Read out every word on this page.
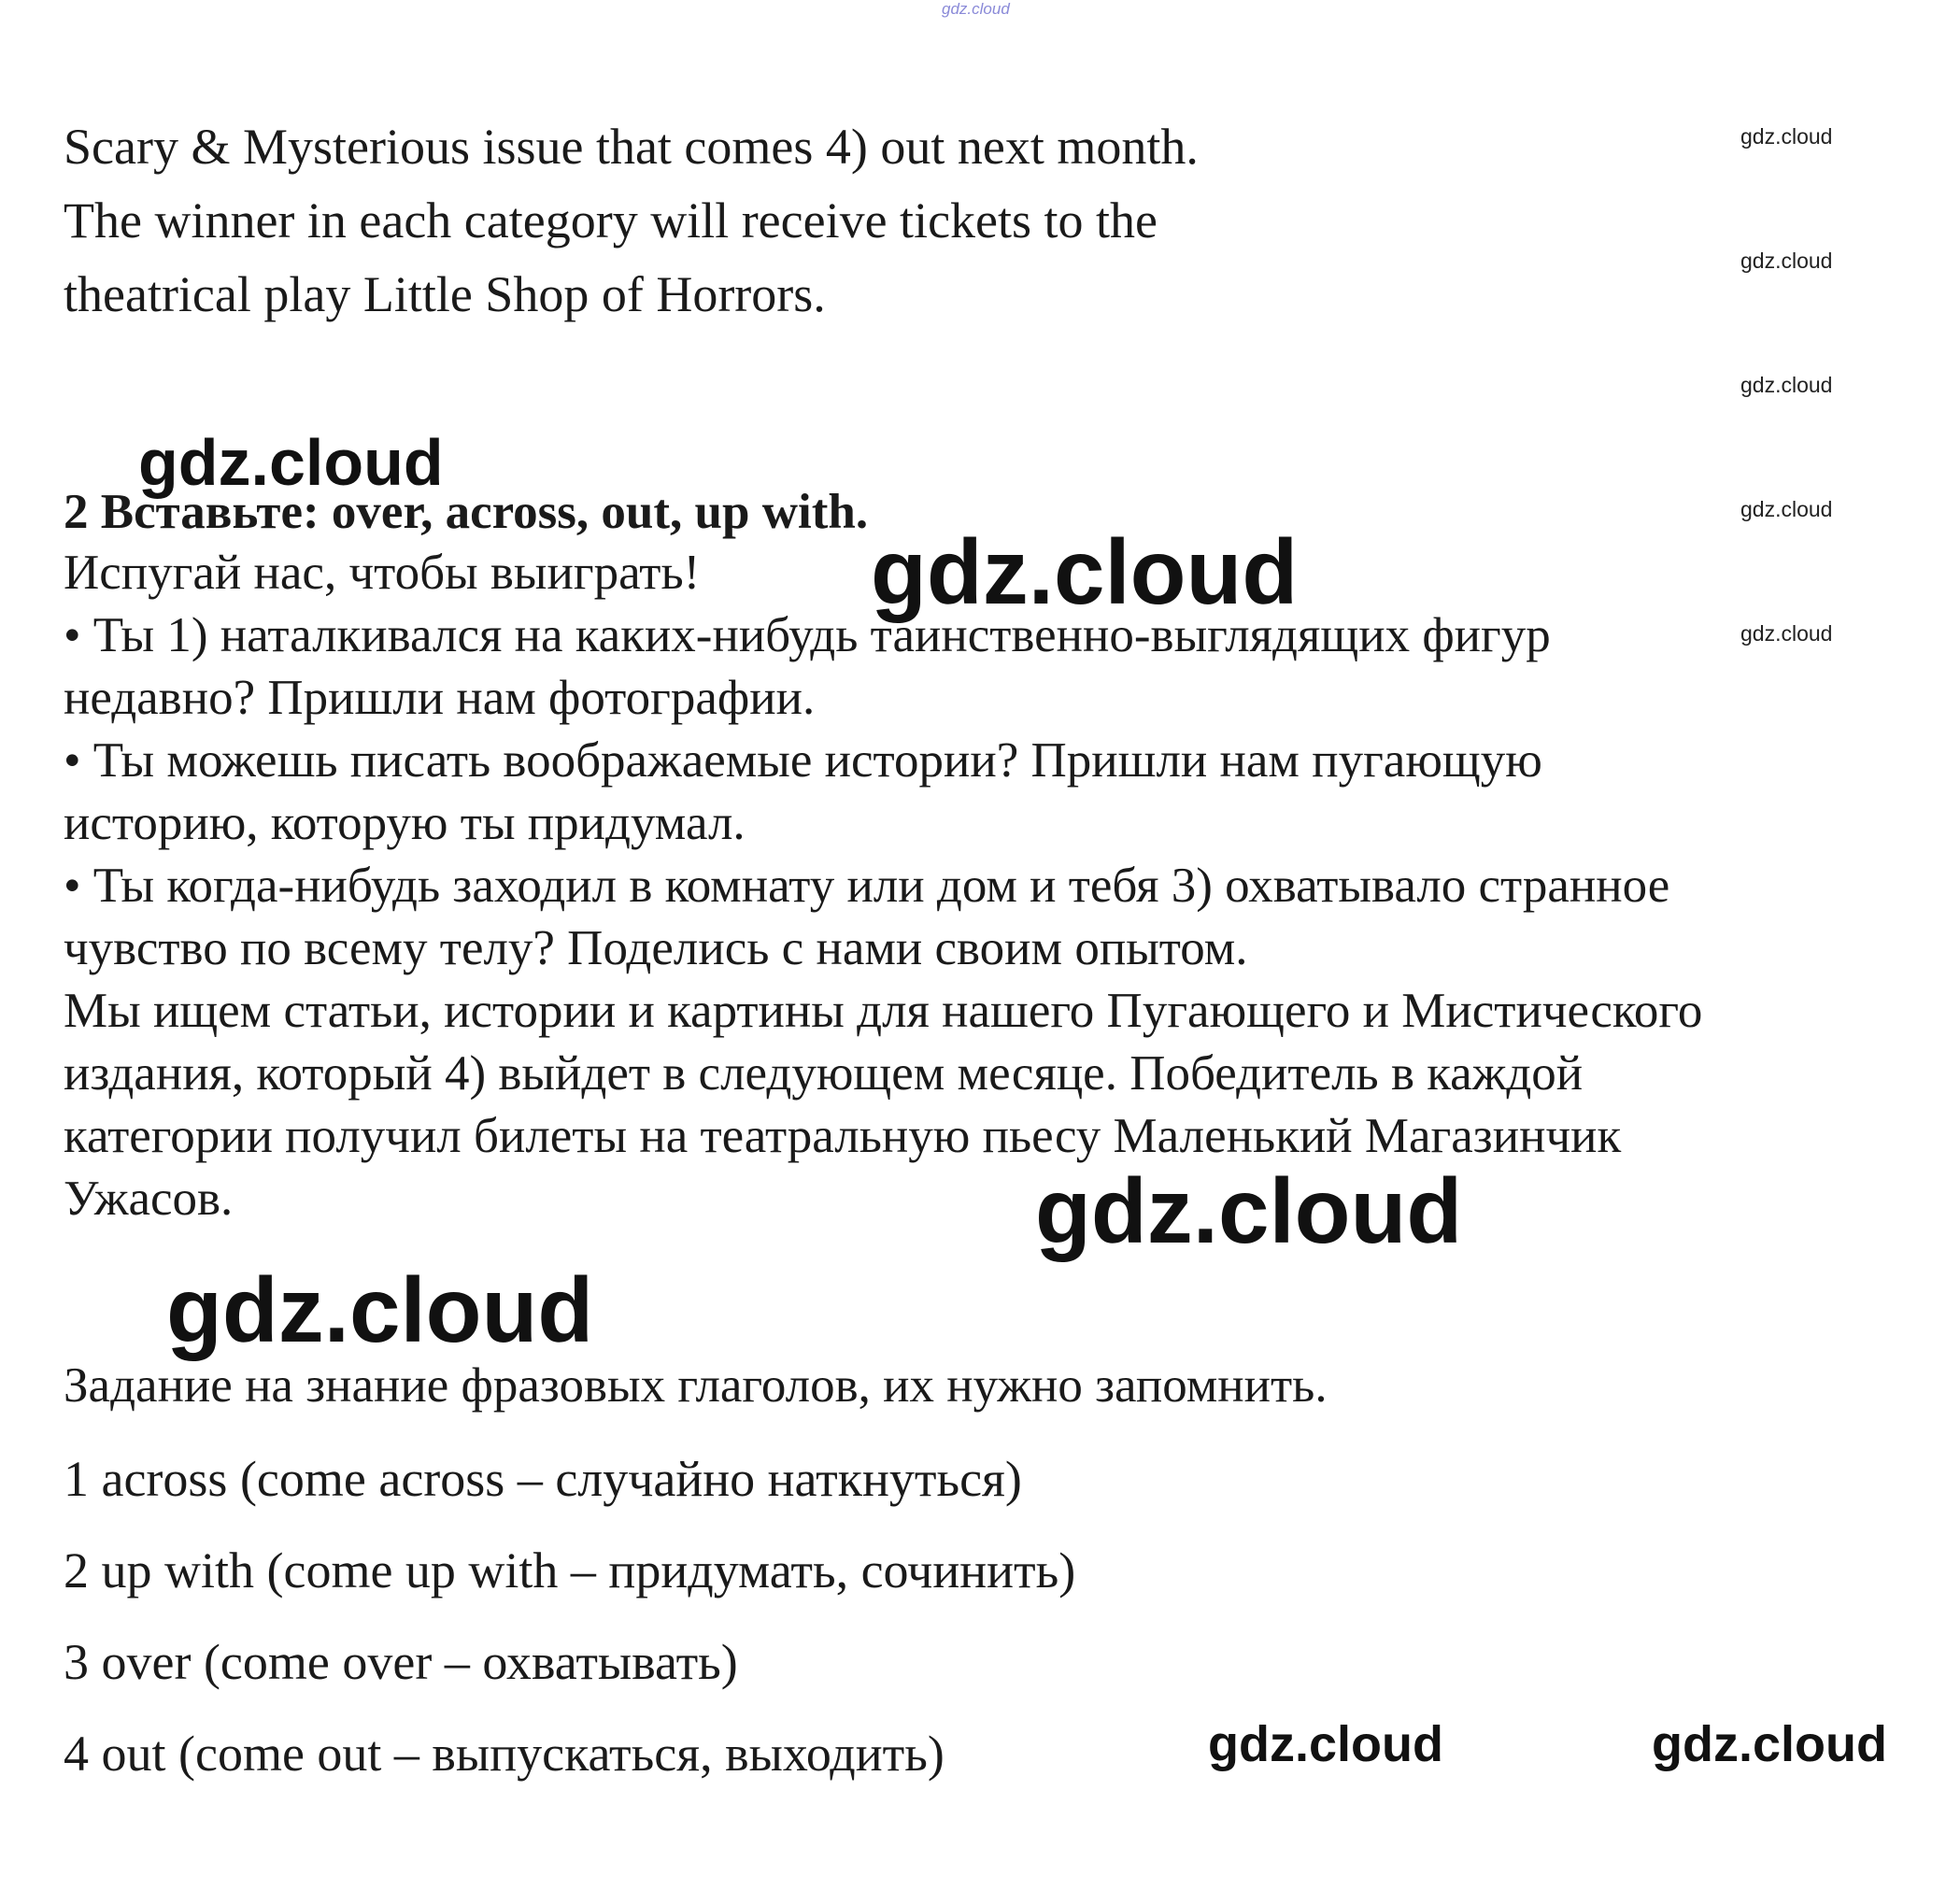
gdz.cloud
Scary & Mysterious issue that comes 4) out next month.
The winner in each category will receive tickets to the
theatrical play Little Shop of Horrors.
gdz.cloud
gdz.cloud
gdz.cloud
gdz.cloud
gdz.cloud
2 Вставьте: over, across, out, up with.
Испугай нас, чтобы выиграть!
• Ты 1) наталкивался на каких-нибудь таинственно-выглядящих фигур
недавно? Пришли нам фотографии.
• Ты можешь писать воображаемые истории? Пришли нам пугающую
историю, которую ты придумал.
• Ты когда-нибудь заходил в комнату или дом и тебя 3) охватывало странное
чувство по всему телу? Поделись с нами своим опытом.
Мы ищем статьи, истории и картины для нашего Пугающего и Мистического
издания, который 4) выйдет в следующем месяце. Победитель в каждой
категории получил билеты на театральную пьесу Маленький Магазинчик
Ужасов.
gdz.cloud
gdz.cloud
gdz.cloud
gdz.cloud
gdz.cloud	gdz.cloud
Задание на знание фразовых глаголов, их нужно запомнить.
1 across (come across – случайно наткнуться)
2 up with (come up with – придумать, сочинить)
3 over (come over – охватывать)
4 out (come out – выпускаться, выходить)
